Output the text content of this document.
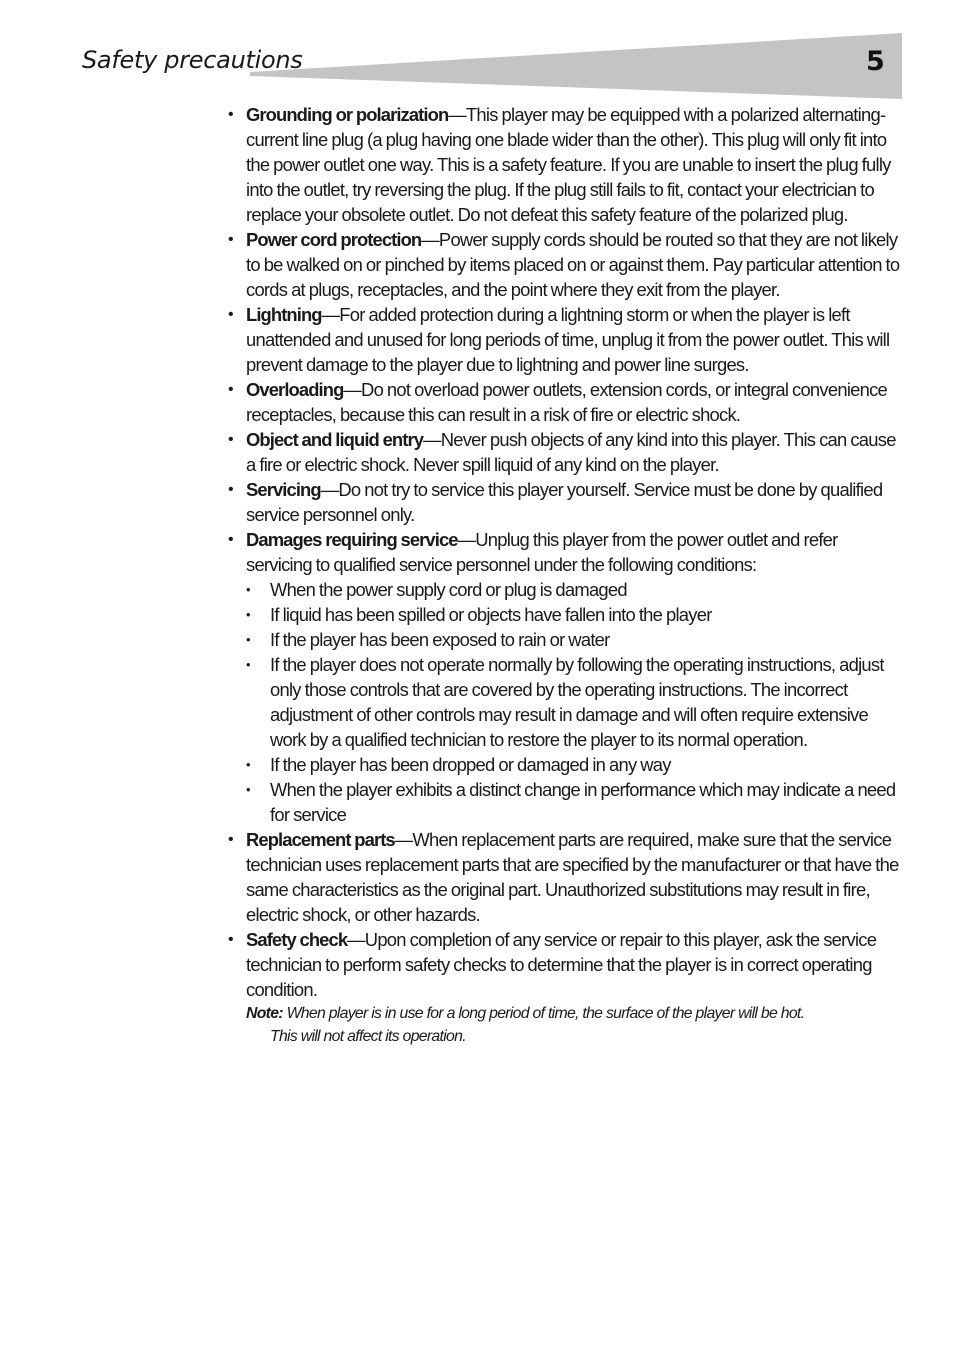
Safety precautions	5
• Grounding or polarization—This player may be equipped with a polarized alternating-current line plug (a plug having one blade wider than the other). This plug will only fit into the power outlet one way. This is a safety feature. If you are unable to insert the plug fully into the outlet, try reversing the plug. If the plug still fails to fit, contact your electrician to replace your obsolete outlet. Do not defeat this safety feature of the polarized plug.
• Power cord protection—Power supply cords should be routed so that they are not likely to be walked on or pinched by items placed on or against them. Pay particular attention to cords at plugs, receptacles, and the point where they exit from the player.
• Lightning—For added protection during a lightning storm or when the player is left unattended and unused for long periods of time, unplug it from the power outlet. This will prevent damage to the player due to lightning and power line surges.
• Overloading—Do not overload power outlets, extension cords, or integral convenience receptacles, because this can result in a risk of fire or electric shock.
• Object and liquid entry—Never push objects of any kind into this player. This can cause a fire or electric shock. Never spill liquid of any kind on the player.
• Servicing—Do not try to service this player yourself. Service must be done by qualified service personnel only.
• Damages requiring service—Unplug this player from the power outlet and refer servicing to qualified service personnel under the following conditions:
• When the power supply cord or plug is damaged
• If liquid has been spilled or objects have fallen into the player
• If the player has been exposed to rain or water
• If the player does not operate normally by following the operating instructions, adjust only those controls that are covered by the operating instructions. The incorrect adjustment of other controls may result in damage and will often require extensive work by a qualified technician to restore the player to its normal operation.
• If the player has been dropped or damaged in any way
• When the player exhibits a distinct change in performance which may indicate a need for service
• Replacement parts—When replacement parts are required, make sure that the service technician uses replacement parts that are specified by the manufacturer or that have the same characteristics as the original part. Unauthorized substitutions may result in fire, electric shock, or other hazards.
• Safety check—Upon completion of any service or repair to this player, ask the service technician to perform safety checks to determine that the player is in correct operating condition.
Note: When player is in use for a long period of time, the surface of the player will be hot.
This will not affect its operation.
